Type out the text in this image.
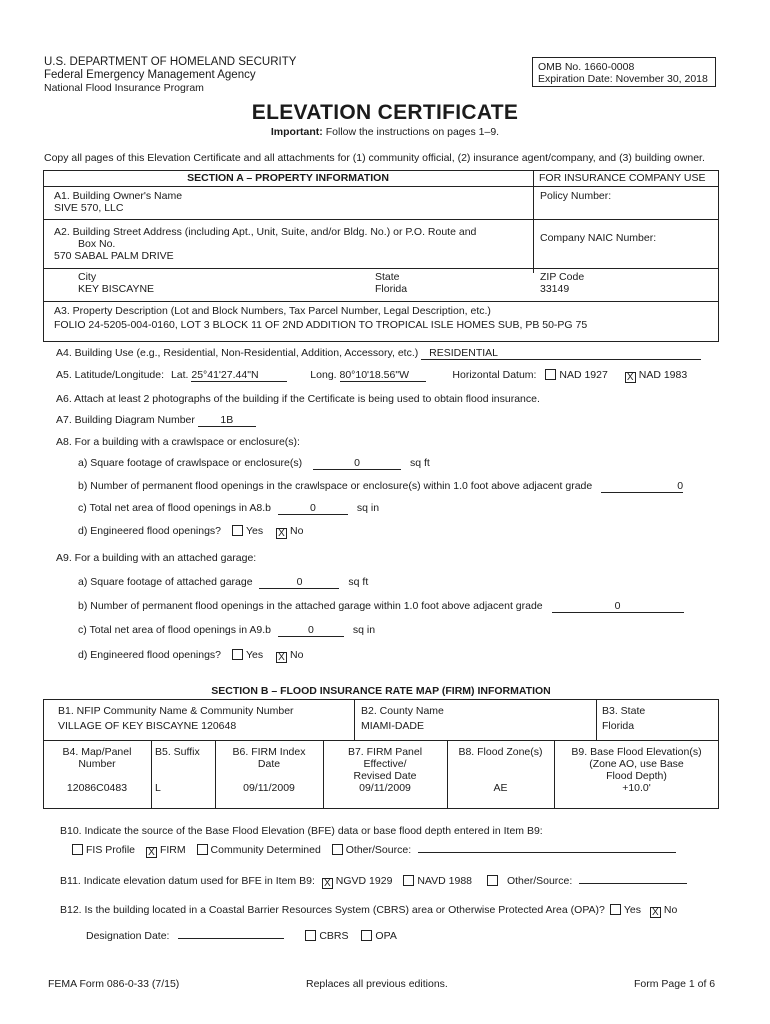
U.S. DEPARTMENT OF HOMELAND SECURITY
Federal Emergency Management Agency
National Flood Insurance Program
OMB No. 1660-0008
Expiration Date: November 30, 2018
ELEVATION CERTIFICATE
Important: Follow the instructions on pages 1–9.
Copy all pages of this Elevation Certificate and all attachments for (1) community official, (2) insurance agent/company, and (3) building owner.
SECTION A – PROPERTY INFORMATION	FOR INSURANCE COMPANY USE
A1. Building Owner's Name
SIVE 570, LLC
Policy Number:
A2. Building Street Address (including Apt., Unit, Suite, and/or Bldg. No.) or P.O. Route and
Box No.
570 SABAL PALM DRIVE
Company NAIC Number:
City
KEY BISCAYNE
State
Florida
ZIP Code
33149
A3. Property Description (Lot and Block Numbers, Tax Parcel Number, Legal Description, etc.)
FOLIO 24-5205-004-0160, LOT 3 BLOCK 11 OF 2ND ADDITION TO TROPICAL ISLE HOMES SUB, PB 50-PG 75
A4. Building Use (e.g., Residential, Non-Residential, Addition, Accessory, etc.) RESIDENTIAL
A5. Latitude/Longitude: Lat. 25°41'27.44"N	Long. 80°10'18.56"W	Horizontal Datum: NAD 1927 X NAD 1983
A6. Attach at least 2 photographs of the building if the Certificate is being used to obtain flood insurance.
A7. Building Diagram Number 1B
A8. For a building with a crawlspace or enclosure(s):
a) Square footage of crawlspace or enclosure(s)	0	sq ft
b) Number of permanent flood openings in the crawlspace or enclosure(s) within 1.0 foot above adjacent grade	0
c) Total net area of flood openings in A8.b	0	sq in
d) Engineered flood openings? Yes X No
A9. For a building with an attached garage:
a) Square footage of attached garage	0	sq ft
b) Number of permanent flood openings in the attached garage within 1.0 foot above adjacent grade	0
c) Total net area of flood openings in A9.b	0	sq in
d) Engineered flood openings? Yes X No
SECTION B – FLOOD INSURANCE RATE MAP (FIRM) INFORMATION
B1. NFIP Community Name & Community Number
VILLAGE OF KEY BISCAYNE 120648
B2. County Name
MIAMI-DADE
B3. State
Florida
B4. Map/Panel
Number
12086C0483
B5. Suffix
L
B6. FIRM Index
Date
09/11/2009
B7. FIRM Panel
Effective/
Revised Date
09/11/2009
B8. Flood Zone(s)
AE
B9. Base Flood Elevation(s)
(Zone AO, use Base
Flood Depth)
+10.0'
B10. Indicate the source of the Base Flood Elevation (BFE) data or base flood depth entered in Item B9:
FIS Profile X FIRM Community Determined Other/Source:
B11. Indicate elevation datum used for BFE in Item B9: X NGVD 1929 NAVD 1988	Other/Source:
B12. Is the building located in a Coastal Barrier Resources System (CBRS) area or Otherwise Protected Area (OPA)? Yes X No
Designation Date:	CBRS	OPA
FEMA Form 086-0-33 (7/15)	Replaces all previous editions.	Form Page 1 of 6
